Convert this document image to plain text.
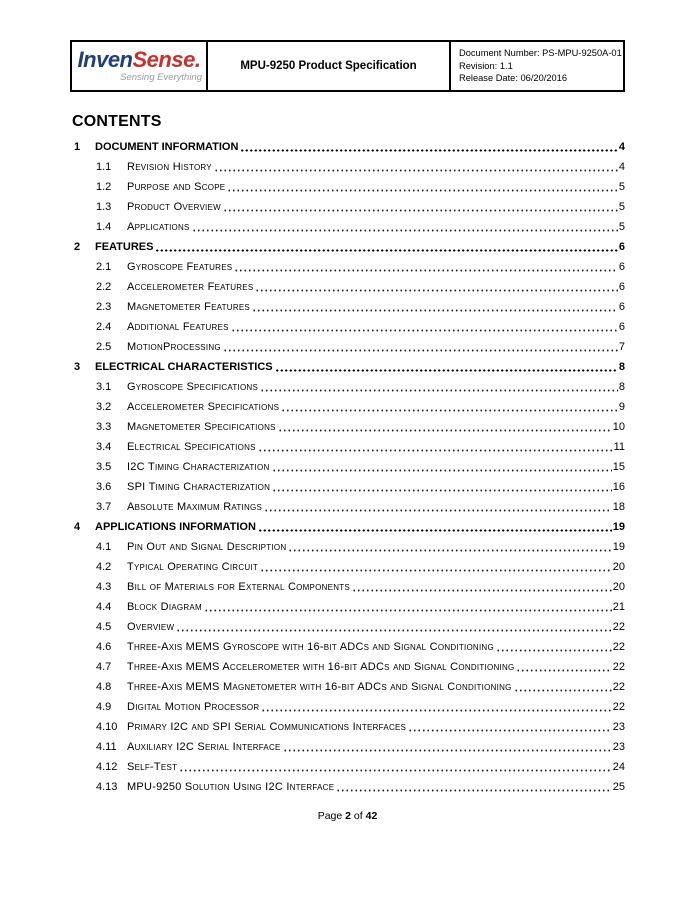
InvenSense.
Sensing Everything
MPU-9250 Product Specification
Document Number: PS-MPU-9250A-01
Revision: 1.1
Release Date: 06/20/2016
CONTENTS
1	DOCUMENT INFORMATION	4
1.1	Revision History	4
1.2	Purpose and Scope	5
1.3	Product Overview	5
1.4	Applications	5
2	FEATURES	6
2.1	Gyroscope Features	6
2.2	Accelerometer Features	6
2.3	Magnetometer Features	6
2.4	Additional Features	6
2.5	MotionProcessing	7
3	ELECTRICAL CHARACTERISTICS	8
3.1	Gyroscope Specifications	8
3.2	Accelerometer Specifications	9
3.3	Magnetometer Specifications	10
3.4	Electrical Specifications	11
3.5	I2C Timing Characterization	15
3.6	SPI Timing Characterization	16
3.7	Absolute Maximum Ratings	18
4	APPLICATIONS INFORMATION	19
4.1	Pin Out and Signal Description	19
4.2	Typical Operating Circuit	20
4.3	Bill of Materials for External Components	20
4.4	Block Diagram	21
4.5	Overview	22
4.6	Three-Axis MEMS Gyroscope with 16-bit ADCs and Signal Conditioning	22
4.7	Three-Axis MEMS Accelerometer with 16-bit ADCs and Signal Conditioning	22
4.8	Three-Axis MEMS Magnetometer with 16-bit ADCs and Signal Conditioning	22
4.9	Digital Motion Processor	22
4.10 Primary I2C and SPI Serial Communications Interfaces	23
4.11 Auxiliary I2C Serial Interface	23
4.12 Self-Test	24
4.13 MPU-9250 Solution Using I2C Interface	25
Page 2 of 42
